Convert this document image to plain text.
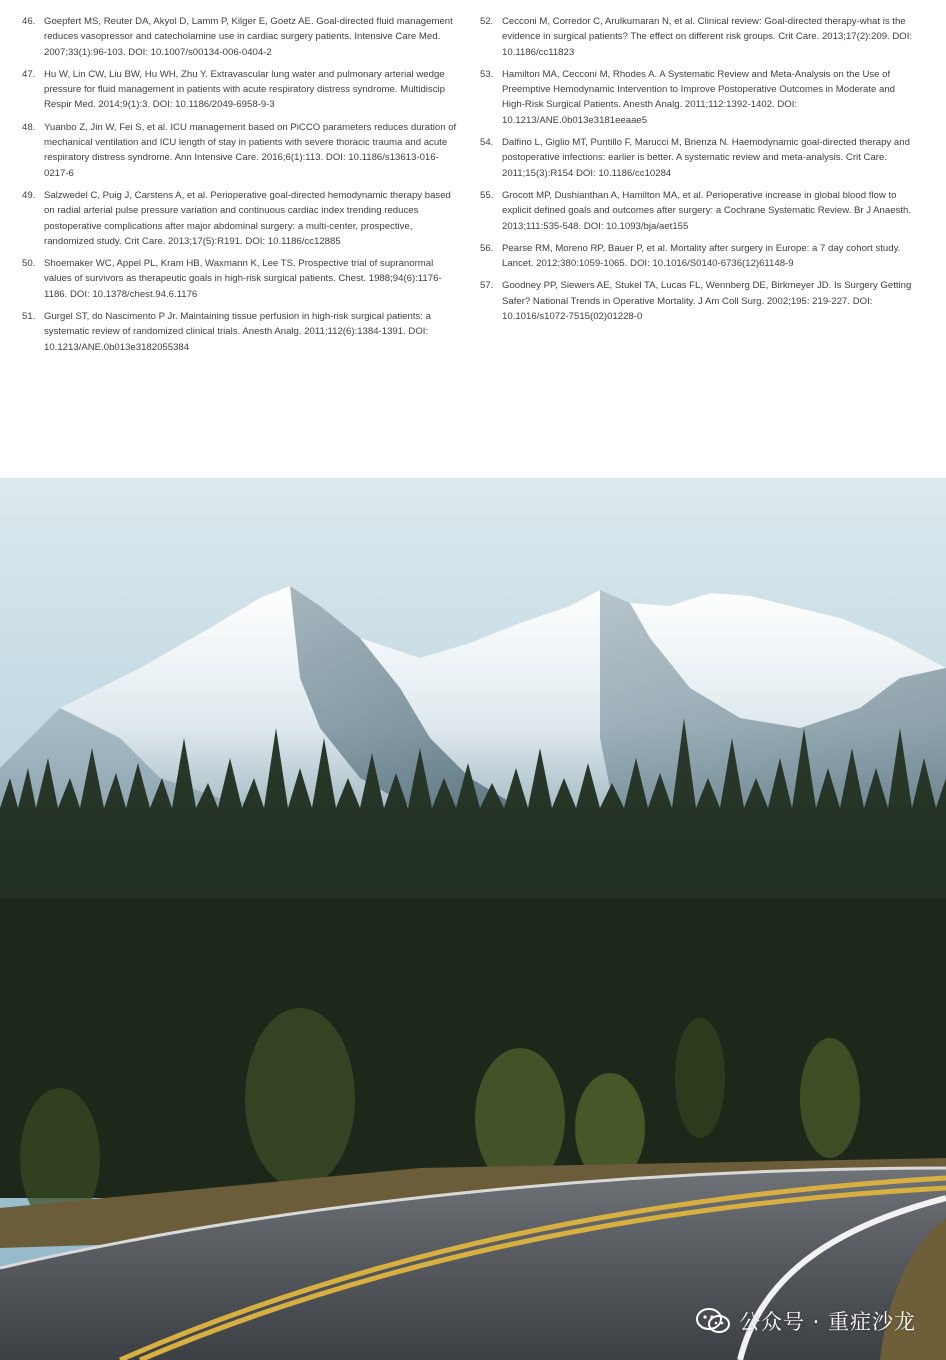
46. Goepfert MS, Reuter DA, Akyol D, Lamm P, Kilger E, Goetz AE. Goal-directed fluid management reduces vasopressor and catecholamine use in cardiac surgery patients. Intensive Care Med. 2007;33(1):96-103. DOI: 10.1007/s00134-006-0404-2
47. Hu W, Lin CW, Liu BW, Hu WH, Zhu Y. Extravascular lung water and pulmonary arterial wedge pressure for fluid management in patients with acute respiratory distress syndrome. Multidiscip Respir Med. 2014;9(1):3. DOI: 10.1186/2049-6958-9-3
48. Yuanbo Z, Jin W, Fei S, et al. ICU management based on PiCCO parameters reduces duration of mechanical ventilation and ICU length of stay in patients with severe thoracic trauma and acute respiratory distress syndrome. Ann Intensive Care. 2016;6(1):113. DOI: 10.1186/s13613-016-0217-6
49. Salzwedel C, Puig J, Carstens A, et al. Perioperative goal-directed hemodynamic therapy based on radial arterial pulse pressure variation and continuous cardiac index trending reduces postoperative complications after major abdominal surgery: a multi-center, prospective, randomized study. Crit Care. 2013;17(5):R191. DOI: 10.1186/cc12885
50. Shoemaker WC, Appel PL, Kram HB, Waxmann K, Lee TS. Prospective trial of supranormal values of survivors as therapeutic goals in high-risk surgical patients. Chest. 1988;94(6):1176-1186. DOI: 10.1378/chest.94.6.1176
51. Gurgel ST, do Nascimento P Jr. Maintaining tissue perfusion in high-risk surgical patients: a systematic review of randomized clinical trials. Anesth Analg. 2011;112(6):1384-1391. DOI: 10.1213/ANE.0b013e3182055384
52. Cecconi M, Corredor C, Arulkumaran N, et al. Clinical review: Goal-directed therapy-what is the evidence in surgical patients? The effect on different risk groups. Crit Care. 2013;17(2):209. DOI: 10.1186/cc11823
53. Hamilton MA, Cecconi M, Rhodes A. A Systematic Review and Meta-Analysis on the Use of Preemptive Hemodynamic Intervention to Improve Postoperative Outcomes in Moderate and High-Risk Surgical Patients. Anesth Analg. 2011;112:1392-1402. DOI: 10.1213/ANE.0b013e3181eeaae5
54. Dalfino L, Giglio MT, Puntillo F, Marucci M, Brienza N. Haemodynamic goal-directed therapy and postoperative infections: earlier is better. A systematic review and meta-analysis. Crit Care. 2011;15(3):R154 DOI: 10.1186/cc10284
55. Grocott MP, Dushianthan A, Hamilton MA, et al. Perioperative increase in global blood flow to explicit defined goals and outcomes after surgery: a Cochrane Systematic Review. Br J Anaesth. 2013;111:535-548. DOI: 10.1093/bja/aet155
56. Pearse RM, Moreno RP, Bauer P, et al. Mortality after surgery in Europe: a 7 day cohort study. Lancet. 2012;380:1059-1065. DOI: 10.1016/S0140-6736(12)61148-9
57. Goodney PP, Siewers AE, Stukel TA, Lucas FL, Wennberg DE, Birkmeyer JD. Is Surgery Getting Safer? National Trends in Operative Mortality. J Am Coll Surg. 2002;195: 219-227. DOI: 10.1016/s1072-7515(02)01228-0
公众号 · 重症沙龙
